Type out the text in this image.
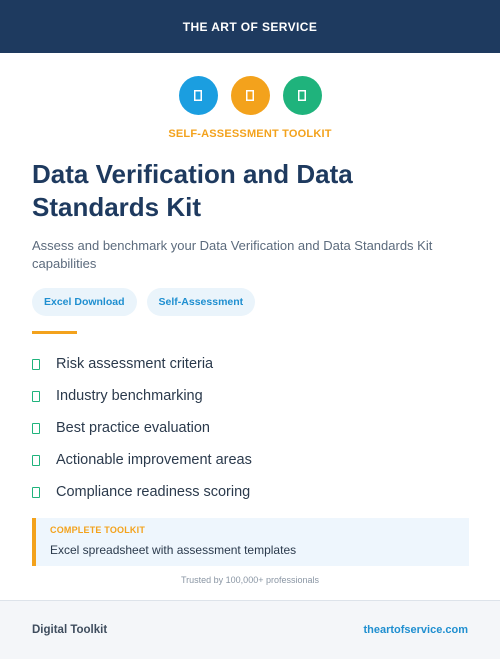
THE ART OF SERVICE
SELF-ASSESSMENT TOOLKIT
Data Verification and Data Standards Kit

Assess and benchmark your Data Verification and Data Standards Kit capabilities

Excel Download	Self-Assessment
Risk assessment criteria
Industry benchmarking
Best practice evaluation
Actionable improvement areas
Compliance readiness scoring
COMPLETE TOOLKIT
Excel spreadsheet with assessment templates
Trusted by 100,000+ professionals
Digital Toolkit	theartofservice.com
